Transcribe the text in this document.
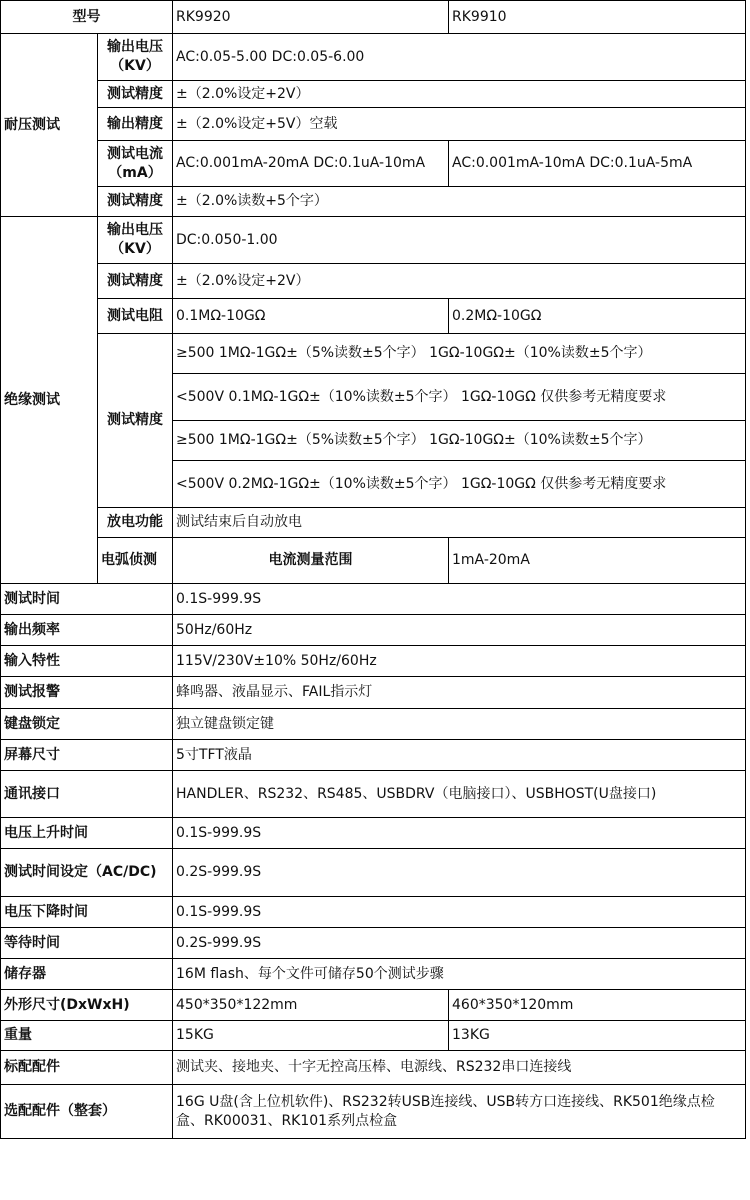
型号		RK9920	RK9910
耐压测试	输出电压（KV）	AC:0.05-5.00 DC:0.05-6.00	
	测试精度	±（2.0%设定+2V）	
	输出精度	±（2.0%设定+5V）空载	
	测试电流（mA）	AC:0.001mA-20mA DC:0.1uA-10mA	AC:0.001mA-10mA DC:0.1uA-5mA
	测试精度	±（2.0%读数+5个字）	
绝缘测试	输出电压（KV）	DC:0.050-1.00	
	测试精度	±（2.0%设定+2V）	
	测试电阻	0.1MΩ-10GΩ	0.2MΩ-10GΩ
	测试精度	≥500 1MΩ-1GΩ±（5%读数±5个字） 1GΩ-10GΩ±（10%读数±5个字）	
		<500V 0.1MΩ-1GΩ±（10%读数±5个字） 1GΩ-10GΩ 仅供参考无精度要求	
		≥500 1MΩ-1GΩ±（5%读数±5个字） 1GΩ-10GΩ±（10%读数±5个字）	
		<500V 0.2MΩ-1GΩ±（10%读数±5个字） 1GΩ-10GΩ 仅供参考无精度要求	
	放电功能	测试结束后自动放电	
	电弧侦测	电流测量范围	1mA-20mA
测试时间		0.1S-999.9S	
输出频率		50Hz/60Hz	
输入特性		115V/230V±10% 50Hz/60Hz	
测试报警		蜂鸣器、液晶显示、FAIL指示灯	
键盘锁定		独立键盘锁定键	
屏幕尺寸		5寸TFT液晶	
通讯接口		HANDLER、RS232、RS485、USBDRV（电脑接口）、USBHOST(U盘接口)	
电压上升时间		0.1S-999.9S	
测试时间设定（AC/DC)		0.2S-999.9S	
电压下降时间		0.1S-999.9S	
等待时间		0.2S-999.9S	
储存器		16M flash、每个文件可储存50个测试步骤	
外形尺寸(DxWxH)		450*350*122mm	460*350*120mm
重量		15KG	13KG
标配配件		测试夹、接地夹、十字无控高压棒、电源线、RS232串口连接线	
选配配件（整套）		16G U盘(含上位机软件)、RS232转USB连接线、USB转方口连接线、RK501绝缘点检盒、RK00031、RK101系列点检盒	
